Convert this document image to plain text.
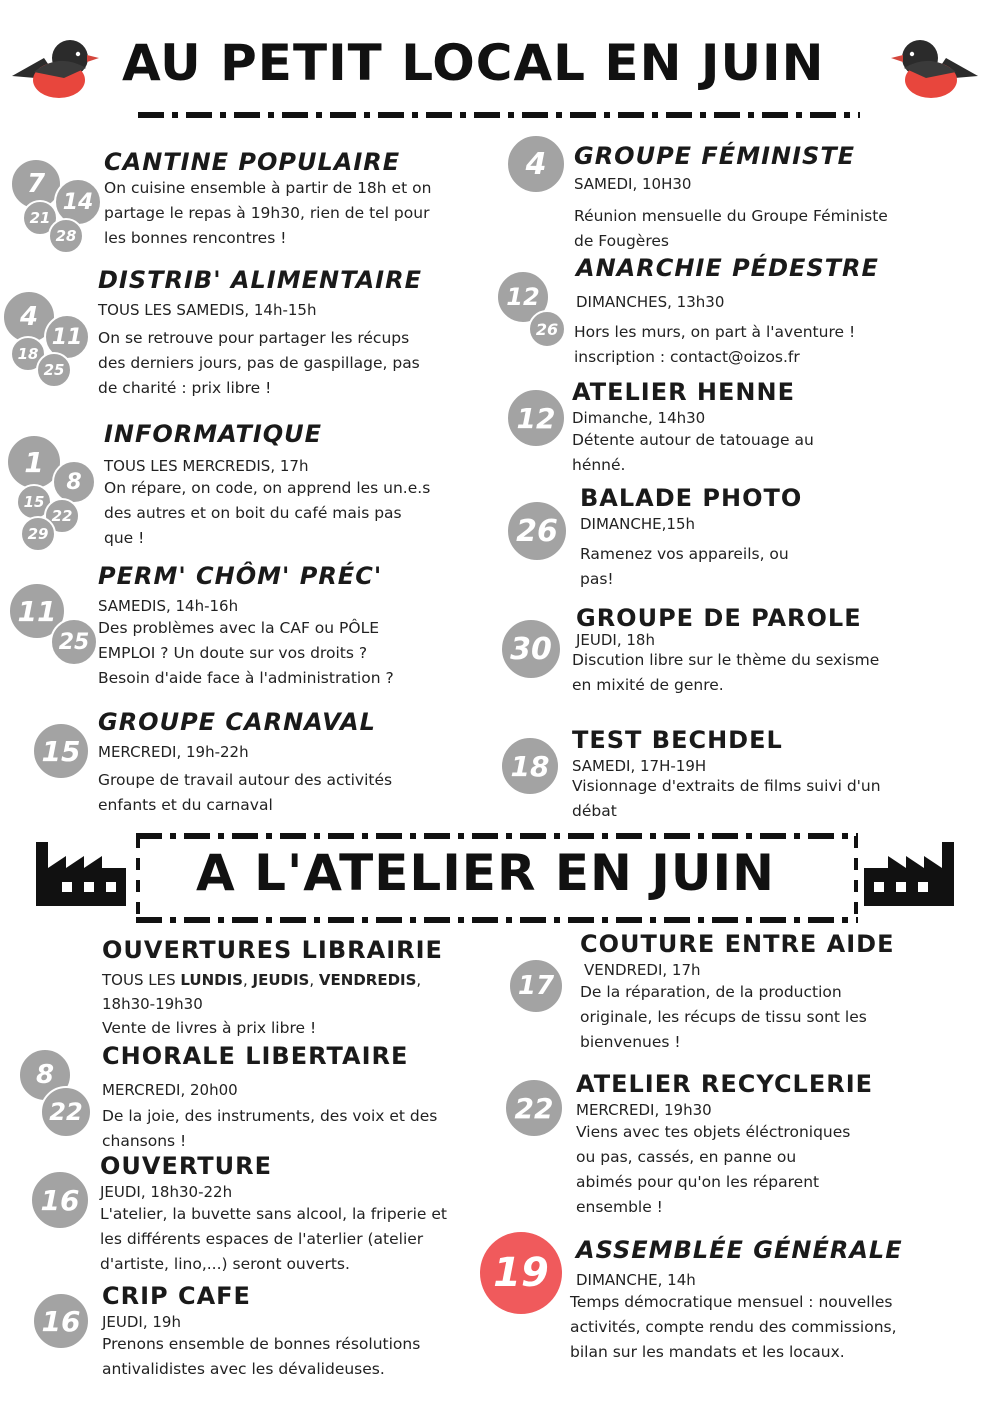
AU PETIT LOCAL EN JUIN
7
14
21
28
CANTINE POPULAIRE
On cuisine ensemble à partir de 18h et on
partage le repas à 19h30, rien de tel pour
les bonnes rencontres !
4
11
18
25
DISTRIB' ALIMENTAIRE
TOUS LES SAMEDIS, 14h-15h
On se retrouve pour partager les récups
des derniers jours, pas de gaspillage, pas
de charité : prix libre !
1
8
15
22
29
INFORMATIQUE
TOUS LES MERCREDIS, 17h
On répare, on code, on apprend les un.e.s
des autres et on boit du café mais pas
que !
11
25
PERM' CHÔM' PRÉC'
SAMEDIS, 14h-16h
Des problèmes avec la CAF ou PÔLE
EMPLOI ? Un doute sur vos droits ?
Besoin d'aide face à l'administration ?
15
GROUPE CARNAVAL
MERCREDI, 19h-22h
Groupe de travail autour des activités
enfants et du carnaval
4 GROUPE FÉMINISTE
SAMEDI, 10H30
Réunion mensuelle du Groupe Féministe
de Fougères
12
26
ANARCHIE PÉDESTRE
DIMANCHES, 13h30
Hors les murs, on part à l'aventure !
inscription : contact@oizos.fr
12
ATELIER HENNE
Dimanche, 14h30
Détente autour de tatouage au
hénné.
26
BALADE PHOTO
DIMANCHE,15h
Ramenez vos appareils, ou
pas!
30
GROUPE DE PAROLE
JEUDI, 18h
Discution libre sur le thème du sexisme
en mixité de genre.
18
TEST BECHDEL
SAMEDI, 17H-19H
Visionnage d'extraits de films suivi d'un
débat
A L'ATELIER EN JUIN
OUVERTURES LIBRAIRIE
TOUS LES LUNDIS, JEUDIS, VENDREDIS,
18h30-19h30
Vente de livres à prix libre !
8
22
CHORALE LIBERTAIRE
MERCREDI, 20h00
De la joie, des instruments, des voix et des
chansons !
16
OUVERTURE
JEUDI, 18h30-22h
L'atelier, la buvette sans alcool, la friperie et
les différents espaces de l'aterlier (atelier
d'artiste, lino,...) seront ouverts.
16
CRIP CAFE
JEUDI, 19h
Prenons ensemble de bonnes résolutions
antivalidistes avec les dévalideuses.
17
COUTURE ENTRE AIDE
VENDREDI, 17h
De la réparation, de la production
originale, les récups de tissu sont les
bienvenues !
22
ATELIER RECYCLERIE
MERCREDI, 19h30
Viens avec tes objets éléctroniques
ou pas, cassés, en panne ou
abimés pour qu'on les réparent
ensemble !
19 ASSEMBLÉE GÉNÉRALE
DIMANCHE, 14h
Temps démocratique mensuel : nouvelles
activités, compte rendu des commissions,
bilan sur les mandats et les locaux.
